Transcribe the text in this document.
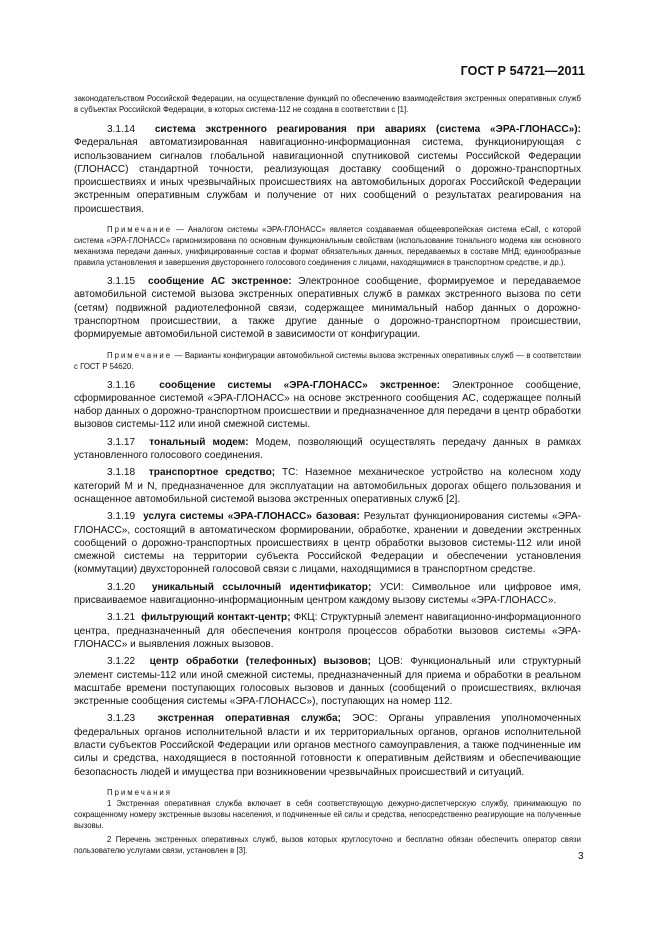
ГОСТ Р 54721—2011

законодательством Российской Федерации, на осуществление функций по обеспечению взаимодействия экстренных оперативных служб в субъектах Российской Федерации, в которых система-112 не создана в соответствии с [1].

3.1.14 система экстренного реагирования при авариях (система «ЭРА-ГЛОНАСС»): Федеральная автоматизированная навигационно-информационная система, функционирующая с использованием сигналов глобальной навигационной спутниковой системы Российской Федерации (ГЛОНАСС) стандартной точности, реализующая доставку сообщений о дорожно-транспортных происшествиях и иных чрезвычайных происшествиях на автомобильных дорогах Российской Федерации экстренным оперативным службам и получение от них сообщений о результатах реагирования на происшествия.

Примечание — Аналогом системы «ЭРА-ГЛОНАСС» является создаваемая общеевропейская система eCall, с которой система «ЭРА-ГЛОНАСС» гармонизирована по основным функциональным свойствам (использование тонального модема как основного механизма передачи данных, унифицированные состав и формат обязательных данных, передаваемых в составе МНД; единообразные правила установления и завершения двустороннего голосового соединения с лицами, находящимися в транспортном средстве, и др.).

3.1.15 сообщение АС экстренное: Электронное сообщение, формируемое и передаваемое автомобильной системой вызова экстренных оперативных служб в рамках экстренного вызова по сети (сетям) подвижной радиотелефонной связи, содержащее минимальный набор данных о дорожно-транспортном происшествии, а также другие данные о дорожно-транспортном происшествии, формируемые автомобильной системой в зависимости от конфигурации.

Примечание — Варианты конфигурации автомобильной системы вызова экстренных оперативных служб — в соответствии с ГОСТ Р 54620.

3.1.16 сообщение системы «ЭРА-ГЛОНАСС» экстренное: Электронное сообщение, сформированное системой «ЭРА-ГЛОНАСС» на основе экстренного сообщения АС, содержащее полный набор данных о дорожно-транспортном происшествии и предназначенное для передачи в центр обработки вызовов системы-112 или иной смежной системы.

3.1.17 тональный модем: Модем, позволяющий осуществлять передачу данных в рамках установленного голосового соединения.

3.1.18 транспортное средство; ТС: Наземное механическое устройство на колесном ходу категорий М и N, предназначенное для эксплуатации на автомобильных дорогах общего пользования и оснащенное автомобильной системой вызова экстренных оперативных служб [2].

3.1.19 услуга системы «ЭРА-ГЛОНАСС» базовая: Результат функционирования системы «ЭРА-ГЛОНАСС», состоящий в автоматическом формировании, обработке, хранении и доведении экстренных сообщений о дорожно-транспортных происшествиях в центр обработки вызовов системы-112 или иной смежной системы на территории субъекта Российской Федерации и обеспечении установления (коммутации) двухсторонней голосовой связи с лицами, находящимися в транспортном средстве.

3.1.20 уникальный ссылочный идентификатор; УСИ: Символьное или цифровое имя, присваиваемое навигационно-информационным центром каждому вызову системы «ЭРА-ГЛОНАСС».

3.1.21 фильтрующий контакт-центр; ФКЦ: Структурный элемент навигационно-информационного центра, предназначенный для обеспечения контроля процессов обработки вызовов системы «ЭРА-ГЛОНАСС» и выявления ложных вызовов.

3.1.22 центр обработки (телефонных) вызовов; ЦОВ: Функциональный или структурный элемент системы-112 или иной смежной системы, предназначенный для приема и обработки в реальном масштабе времени поступающих голосовых вызовов и данных (сообщений о происшествиях, включая экстренные сообщения системы «ЭРА-ГЛОНАСС»), поступающих на номер 112.

3.1.23 экстренная оперативная служба; ЭОС: Органы управления уполномоченных федеральных органов исполнительной власти и их территориальных органов, органов исполнительной власти субъектов Российской Федерации или органов местного самоуправления, а также подчиненные им силы и средства, находящиеся в постоянной готовности к оперативным действиям и обеспечивающие безопасность людей и имущества при возникновении чрезвычайных происшествий и ситуаций.

Примечания

1 Экстренная оперативная служба включает в себя соответствующую дежурно-диспетчерскую службу, принимающую по сокращенному номеру экстренные вызовы населения, и подчиненные ей силы и средства, непосредственно реагирующие на полученные вызовы.

2 Перечень экстренных оперативных служб, вызов которых круглосуточно и бесплатно обязан обеспечить оператор связи пользователю услугами связи, установлен в [3].

3
